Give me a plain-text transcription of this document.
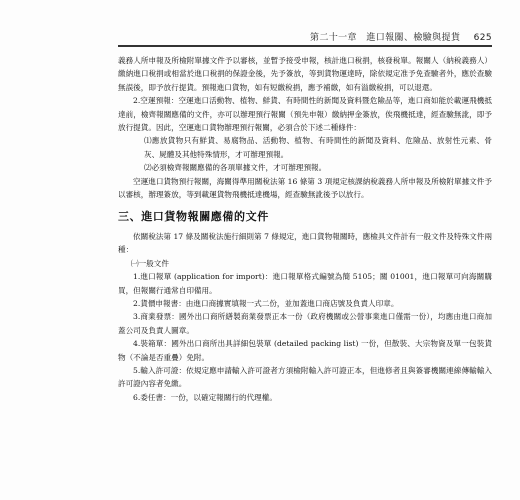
第二十一章　進口報關、檢驗與提貨 625

義務人所申報及所檢附單據文件予以審核，並暫予接受申報，核計進口稅捐，核發稅單。報關人（納稅義務人）繳納進口稅捐或相當於進口稅捐的保證金後，先予簽放，等到貨物運達時，除依規定准予免查驗者外，應於查驗無誤後，即予放行提貨。預報進口貨物，如有短繳稅捐，應予補繳，如有溢繳稅捐，可以退還。

2.空運預報：空運進口活動物、植物、鮮貨、有時間性的新聞及資料暨危險品等，進口商如能於載運飛機抵達前，檢齊報關應備的文件，亦可以辦理預行報關（預先申報）繳納押金簽放，俟飛機抵達，經查驗無訛，即予放行提貨。因此，空運進口貨物辦理預行報關，必須合於下述二種條件：

⑴應放貨物只有鮮貨、易腐物品、活動物、植物、有時間性的新聞及資料、危險品、放射性元素、骨灰、屍體及其他特殊情形，才可辦理預報。

⑵必須檢齊報關應備的各項單據文件，才可辦理預報。

空運進口貨物預行報關，海關得準用關稅法第 16 條第 3 項規定核課納稅義務人所申報及所檢附單據文件予以審核，辦理簽放，等到載運貨物飛機抵達機場，經查驗無訛後予以放行。

三、進口貨物報關應備的文件

依關稅法第 17 條及關稅法施行細則第 7 條規定，進口貨物報關時，應檢具文件計有一般文件及特殊文件兩種：

㈠一般文件

1.進口報單 (application for import)：進口報單格式編號為簡 5105；關 01001，進口報單可向海關購買，但報關行通常自印備用。

2.貨價申報書：由進口商據實填報一式二份，並加蓋進口商店號及負責人印章。

3.商業發票：國外出口商所繕製商業發票正本一份（政府機關或公營事業進口僅需一份），均應由進口商加蓋公司及負責人圖章。

4.裝箱單：國外出口商所出具詳細包裝單 (detailed packing list) 一份，但散裝、大宗物資及單一包裝貨物（不論是否重疊）免附。

5.輸入許可證：依規定應申請輸入許可證者方須檢附輸入許可證正本，但進修者且與簽審機關連線傳輸輸入許可證內容者免繳。

6.委任書：一份，以確定報關行的代理權。
